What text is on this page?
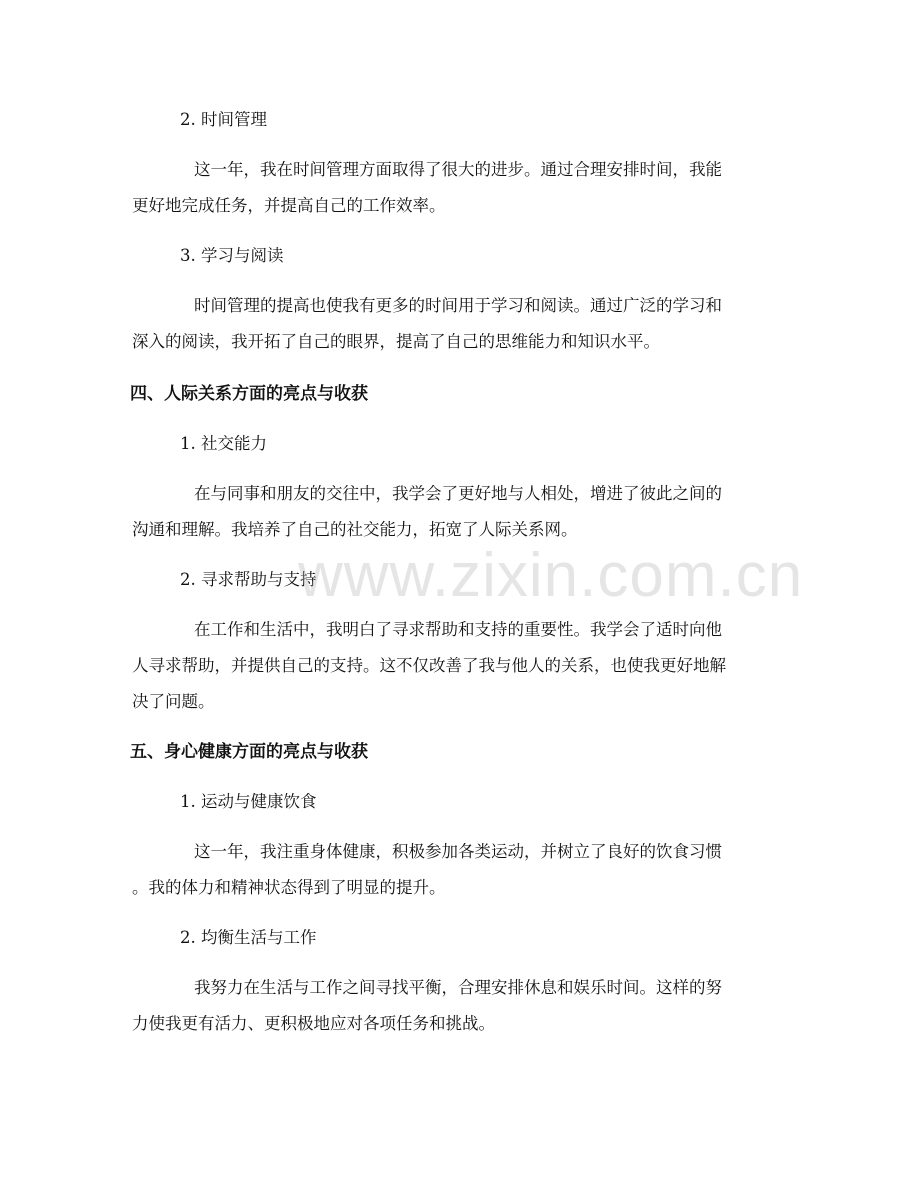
2. 时间管理
这一年，我在时间管理方面取得了很大的进步。通过合理安排时间，我能
更好地完成任务，并提高自己的工作效率。
3. 学习与阅读
时间管理的提高也使我有更多的时间用于学习和阅读。通过广泛的学习和
深入的阅读，我开拓了自己的眼界，提高了自己的思维能力和知识水平。
四、人际关系方面的亮点与收获
1. 社交能力
在与同事和朋友的交往中，我学会了更好地与人相处，增进了彼此之间的
沟通和理解。我培养了自己的社交能力，拓宽了人际关系网。
2. 寻求帮助与支持
在工作和生活中，我明白了寻求帮助和支持的重要性。我学会了适时向他
人寻求帮助，并提供自己的支持。这不仅改善了我与他人的关系，也使我更好地解
决了问题。
五、身心健康方面的亮点与收获
1. 运动与健康饮食
这一年，我注重身体健康，积极参加各类运动，并树立了良好的饮食习惯
。我的体力和精神状态得到了明显的提升。
2. 均衡生活与工作
我努力在生活与工作之间寻找平衡，合理安排休息和娱乐时间。这样的努
力使我更有活力、更积极地应对各项任务和挑战。
www.zixin.com.cn
